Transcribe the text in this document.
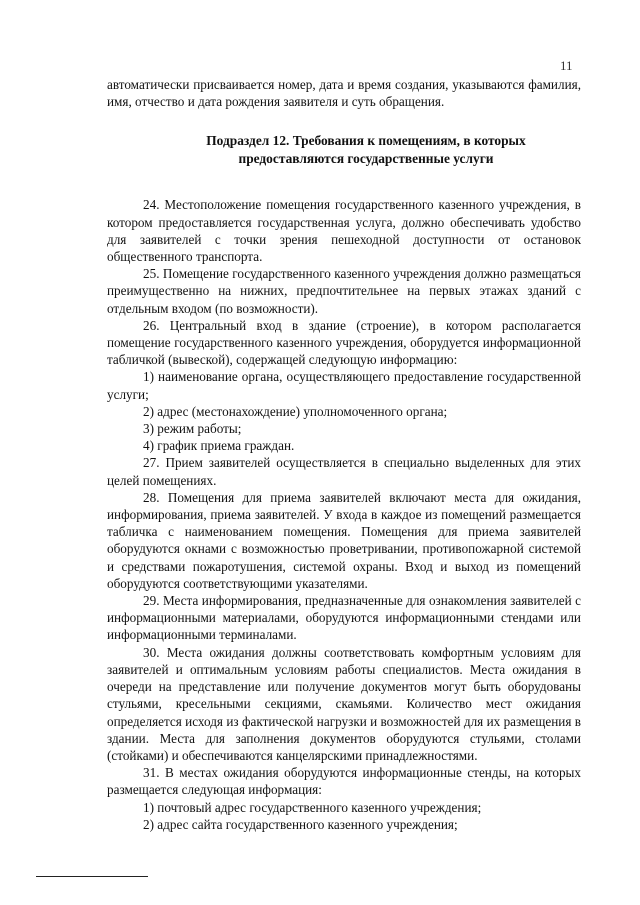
11

автоматически присваивается номер, дата и время создания, указываются фамилия, имя, отчество и дата рождения заявителя и суть обращения.

Подраздел 12. Требования к помещениям, в которых
предоставляются государственные услуги

24. Местоположение помещения государственного казенного учреждения, в котором предоставляется государственная услуга, должно обеспечивать удобство для заявителей с точки зрения пешеходной доступности от остановок общественного транспорта.

25. Помещение государственного казенного учреждения должно размещаться преимущественно на нижних, предпочтительнее на первых этажах зданий с отдельным входом (по возможности).

26. Центральный вход в здание (строение), в котором располагается помещение государственного казенного учреждения, оборудуется информационной табличкой (вывеской), содержащей следующую информацию:

1) наименование органа, осуществляющего предоставление государственной услуги;

2) адрес (местонахождение) уполномоченного органа;

3) режим работы;

4) график приема граждан.

27. Прием заявителей осуществляется в специально выделенных для этих целей помещениях.

28. Помещения для приема заявителей включают места для ожидания, информирования, приема заявителей. У входа в каждое из помещений размещается табличка с наименованием помещения. Помещения для приема заявителей оборудуются окнами с возможностью проветривании, противопожарной системой и средствами пожаротушения, системой охраны. Вход и выход из помещений оборудуются соответствующими указателями.

29. Места информирования, предназначенные для ознакомления заявителей с информационными материалами, оборудуются информационными стендами или информационными терминалами.

30. Места ожидания должны соответствовать комфортным условиям для заявителей и оптимальным условиям работы специалистов. Места ожидания в очереди на представление или получение документов могут быть оборудованы стульями, кресельными секциями, скамьями. Количество мест ожидания определяется исходя из фактической нагрузки и возможностей для их размещения в здании. Места для заполнения документов оборудуются стульями, столами (стойками) и обеспечиваются канцелярскими принадлежностями.

31. В местах ожидания оборудуются информационные стенды, на которых размещается следующая информация:

1) почтовый адрес государственного казенного учреждения;

2) адрес сайта государственного казенного учреждения;
